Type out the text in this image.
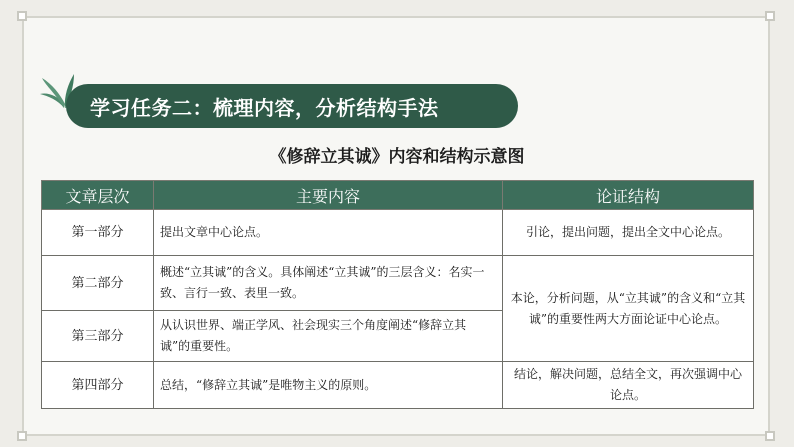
学习任务二：梳理内容，分析结构手法
《修辞立其诚》内容和结构示意图
文章层次	主要内容	论证结构
第一部分	提出文章中心论点。	引论，提出问题，提出全文中心论点。
第二部分	概述“立其诚”的含义。具体阐述“立其诚”的三层含义：名实一致、言行一致、表里一致。	本论，分析问题，从“立其诚”的含义和“立其诚”的重要性两大方面论证中心论点。
第三部分	从认识世界、端正学风、社会现实三个角度阐述“修辞立其诚”的重要性。	
第四部分	总结，“修辞立其诚”是唯物主义的原则。	结论，解决问题，总结全文，再次强调中心论点。
